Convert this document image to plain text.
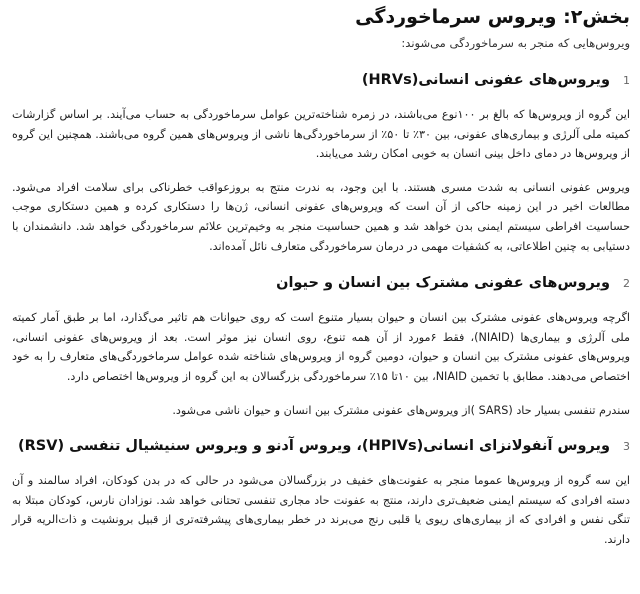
بخش۲: ویروس سرماخوردگی

ویروس‌هایی که منجر به سرماخوردگی می‌شوند:

1
ویروس‌های عفونی انسانی(HRVs)

این گروه از ویروس‌ها که بالغ بر ۱۰۰نوع می‌باشند، در زمره شناخته‌ترین عوامل سرماخوردگی به حساب می‌آیند. بر اساس گزارشات کمیته ملی آلرژی و بیماری‌های عفونی، بین ۳۰٪ تا ۵۰٪ از سرماخوردگی‌ها ناشی از ویروس‌های همین گروه می‌باشند. همچنین این گروه از ویروس‌ها در دمای داخل بینی انسان به خوبی امکان رشد می‌یابند.

ویروس عفونی انسانی به شدت مسری هستند. با این وجود، به ندرت منتج به بروزعواقب خطرناکی برای سلامت افراد می‌شود. مطالعات اخیر در این زمینه حاکی از آن است که ویروس‌های عفونی انسانی، ژن‌ها را دستکاری کرده و همین دستکاری موجب حساسیت افراطی سیستم ایمنی بدن خواهد شد و همین حساسیت منجر به وخیم‌ترین علائم سرماخوردگی خواهد شد. دانشمندان با دستیابی به چنین اطلاعاتی، به کشفیات مهمی در درمان سرماخوردگی متعارف نائل آمده‌اند.

2
ویروس‌های عفونی مشترک بین انسان و حیوان

اگرچه ویروس‌های عفونی مشترک بین انسان و حیوان بسیار متنوع است که روی حیوانات هم تاثیر می‌گذارد، اما بر طبق آمار کمیته ملی آلرژی و بیماری‌ها (NIAID)، فقط ۶مورد از آن همه تنوع، روی انسان نیز موثر است. بعد از ویروس‌های عفونی انسانی، ویروس‌های عفونی مشترک بین انسان و حیوان، دومین گروه از ویروس‌های شناخته شده عوامل سرماخوردگی‌های متعارف را به خود اختصاص می‌دهند. مطابق با تخمین NIAID، بین ۱۰تا ۱۵٪ سرماخوردگی بزرگسالان به این گروه از ویروس‌ها اختصاص دارد.

سندرم تنفسی بسیار حاد (SARS )از ویروس‌های عفونی مشترک بین انسان و حیوان ناشی می‌شود.

3
ویروس آنفولانزای انسانی(HPIVs)، ویروس آدنو و ویروس سنیشیال تنفسی (RSV)

این سه گروه از ویروس‌ها عموما منجر به عفونت‌های خفیف در بزرگسالان می‌شود در حالی که در بدن کودکان، افراد سالمند و آن دسته افرادی که سیستم ایمنی ضعیف‌تری دارند، منتج به عفونت حاد مجاری تنفسی تحتانی خواهد شد. نوزادان نارس، کودکان مبتلا به تنگی نفس و افرادی که از بیماری‌های ریوی یا قلبی رنج می‌برند در خطر بیماری‌های پیشرفته‌تری از قبیل برونشیت و ذات‌الریه قرار دارند.
